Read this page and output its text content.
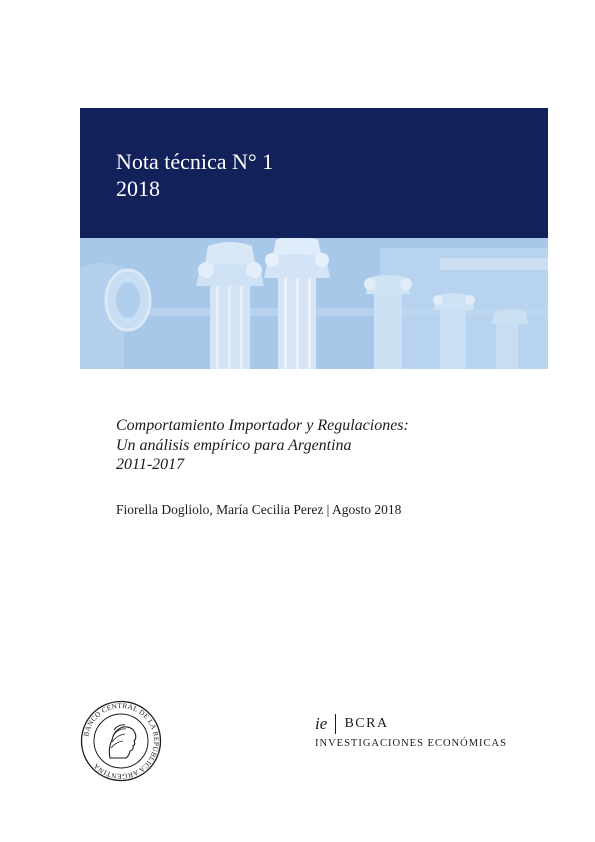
Nota técnica N° 1
2018
Comportamiento Importador y Regulaciones:
Un análisis empírico para Argentina
2011-2017
Fiorella Dogliolo, María Cecilia Perez | Agosto 2018
BANCO CENTRAL DE LA REPÚBLICA ARGENTINA
ie BCRA
INVESTIGACIONES ECONÓMICAS
